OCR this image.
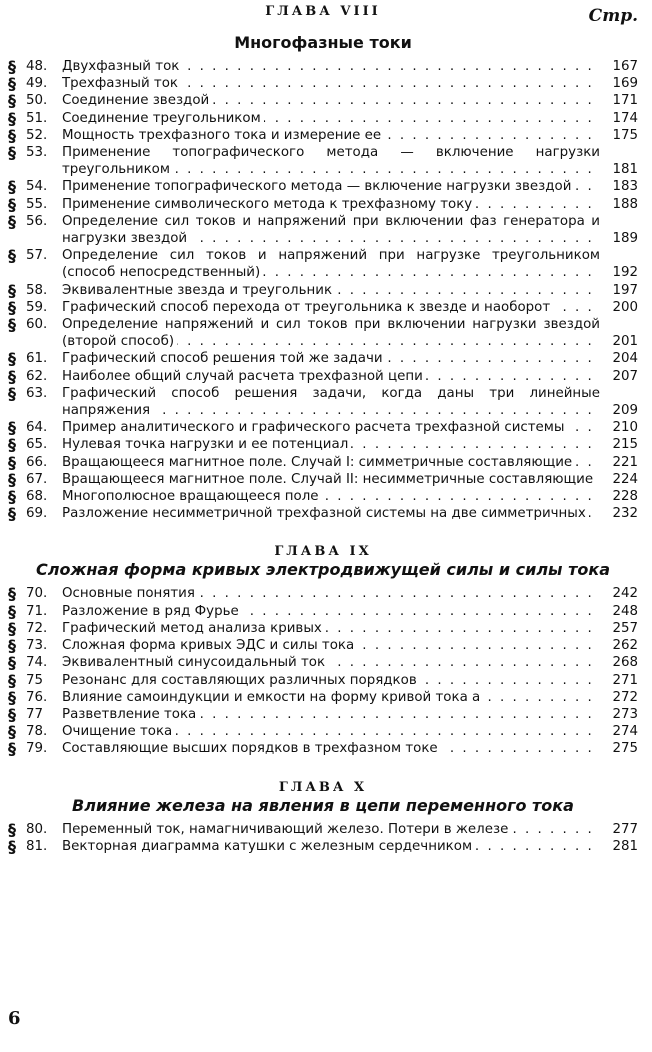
ГЛАВА VIII	Стр.
Многофазные токи
§ 48.	Двухфазный ток . . .	167
§ 49.	Трехфазный ток . . .	169
§ 50.	Соединение звездой . . .	171
§ 51.	Соединение треугольником . . .	174
§ 52.	Мощность трехфазного тока и измерение ее . . .	175
§ 53.	Применение топографического метода — включение нагрузки треугольником . . .	181
§ 54.	Применение топографического метода — включение нагрузки звездой . . .	183
§ 55.	Применение символического метода к трехфазному току . . .	188
§ 56.	Определение сил токов и напряжений при включении фаз генератора и нагрузки звездой . . .	189
§ 57.	Определение сил токов и напряжений при нагрузке треугольником (способ непосредственный) . . .	192
§ 58.	Эквивалентные звезда и треугольник . . .	197
§ 59.	Графический способ перехода от треугольника к звезде и наоборот . . .	200
§ 60.	Определение напряжений и сил токов при включении нагрузки звездой (второй способ) . . .	201
§ 61.	Графический способ решения той же задачи . . .	204
§ 62.	Наиболее общий случай расчета трехфазной цепи . . .	207
§ 63.	Графический способ решения задачи, когда даны три линейные напряжения . . .	209
§ 64.	Пример аналитического и графического расчета трехфазной системы . . .	210
§ 65.	Нулевая точка нагрузки и ее потенциал . . .	215
§ 66.	Вращающееся магнитное поле. Случай I: симметричные составляющие . . .	221
§ 67.	Вращающееся магнитное поле. Случай II: несимметричные составляющие . . .	224
§ 68.	Многополюсное вращающееся поле . . .	228
§ 69.	Разложение несимметричной трехфазной системы на две симметричных . . .	232
ГЛАВА IX
Сложная форма кривых электродвижущей силы и силы тока
§ 70.	Основные понятия . . .	242
§ 71.	Разложение в ряд Фурье . . .	248
§ 72.	Графический метод анализа кривых . . .	257
§ 73.	Сложная форма кривых ЭДС и силы тока . . .	262
§ 74.	Эквивалентный синусоидальный ток . . .	268
§ 75	Резонанс для составляющих различных порядков . . .	271
§ 76.	Влияние самоиндукции и емкости на форму кривой тока a . . .	272
§ 77	Разветвление тока . . .	273
§ 78.	Очищение тока . . .	274
§ 79.	Составляющие высших порядков в трехфазном токе . . .	275
ГЛАВА X
Влияние железа на явления в цепи переменного тока
§ 80.	Переменный ток, намагничивающий железо. Потери в железе . . .	277
§ 81.	Векторная диаграмма катушки с железным сердечником . . .	281
6
